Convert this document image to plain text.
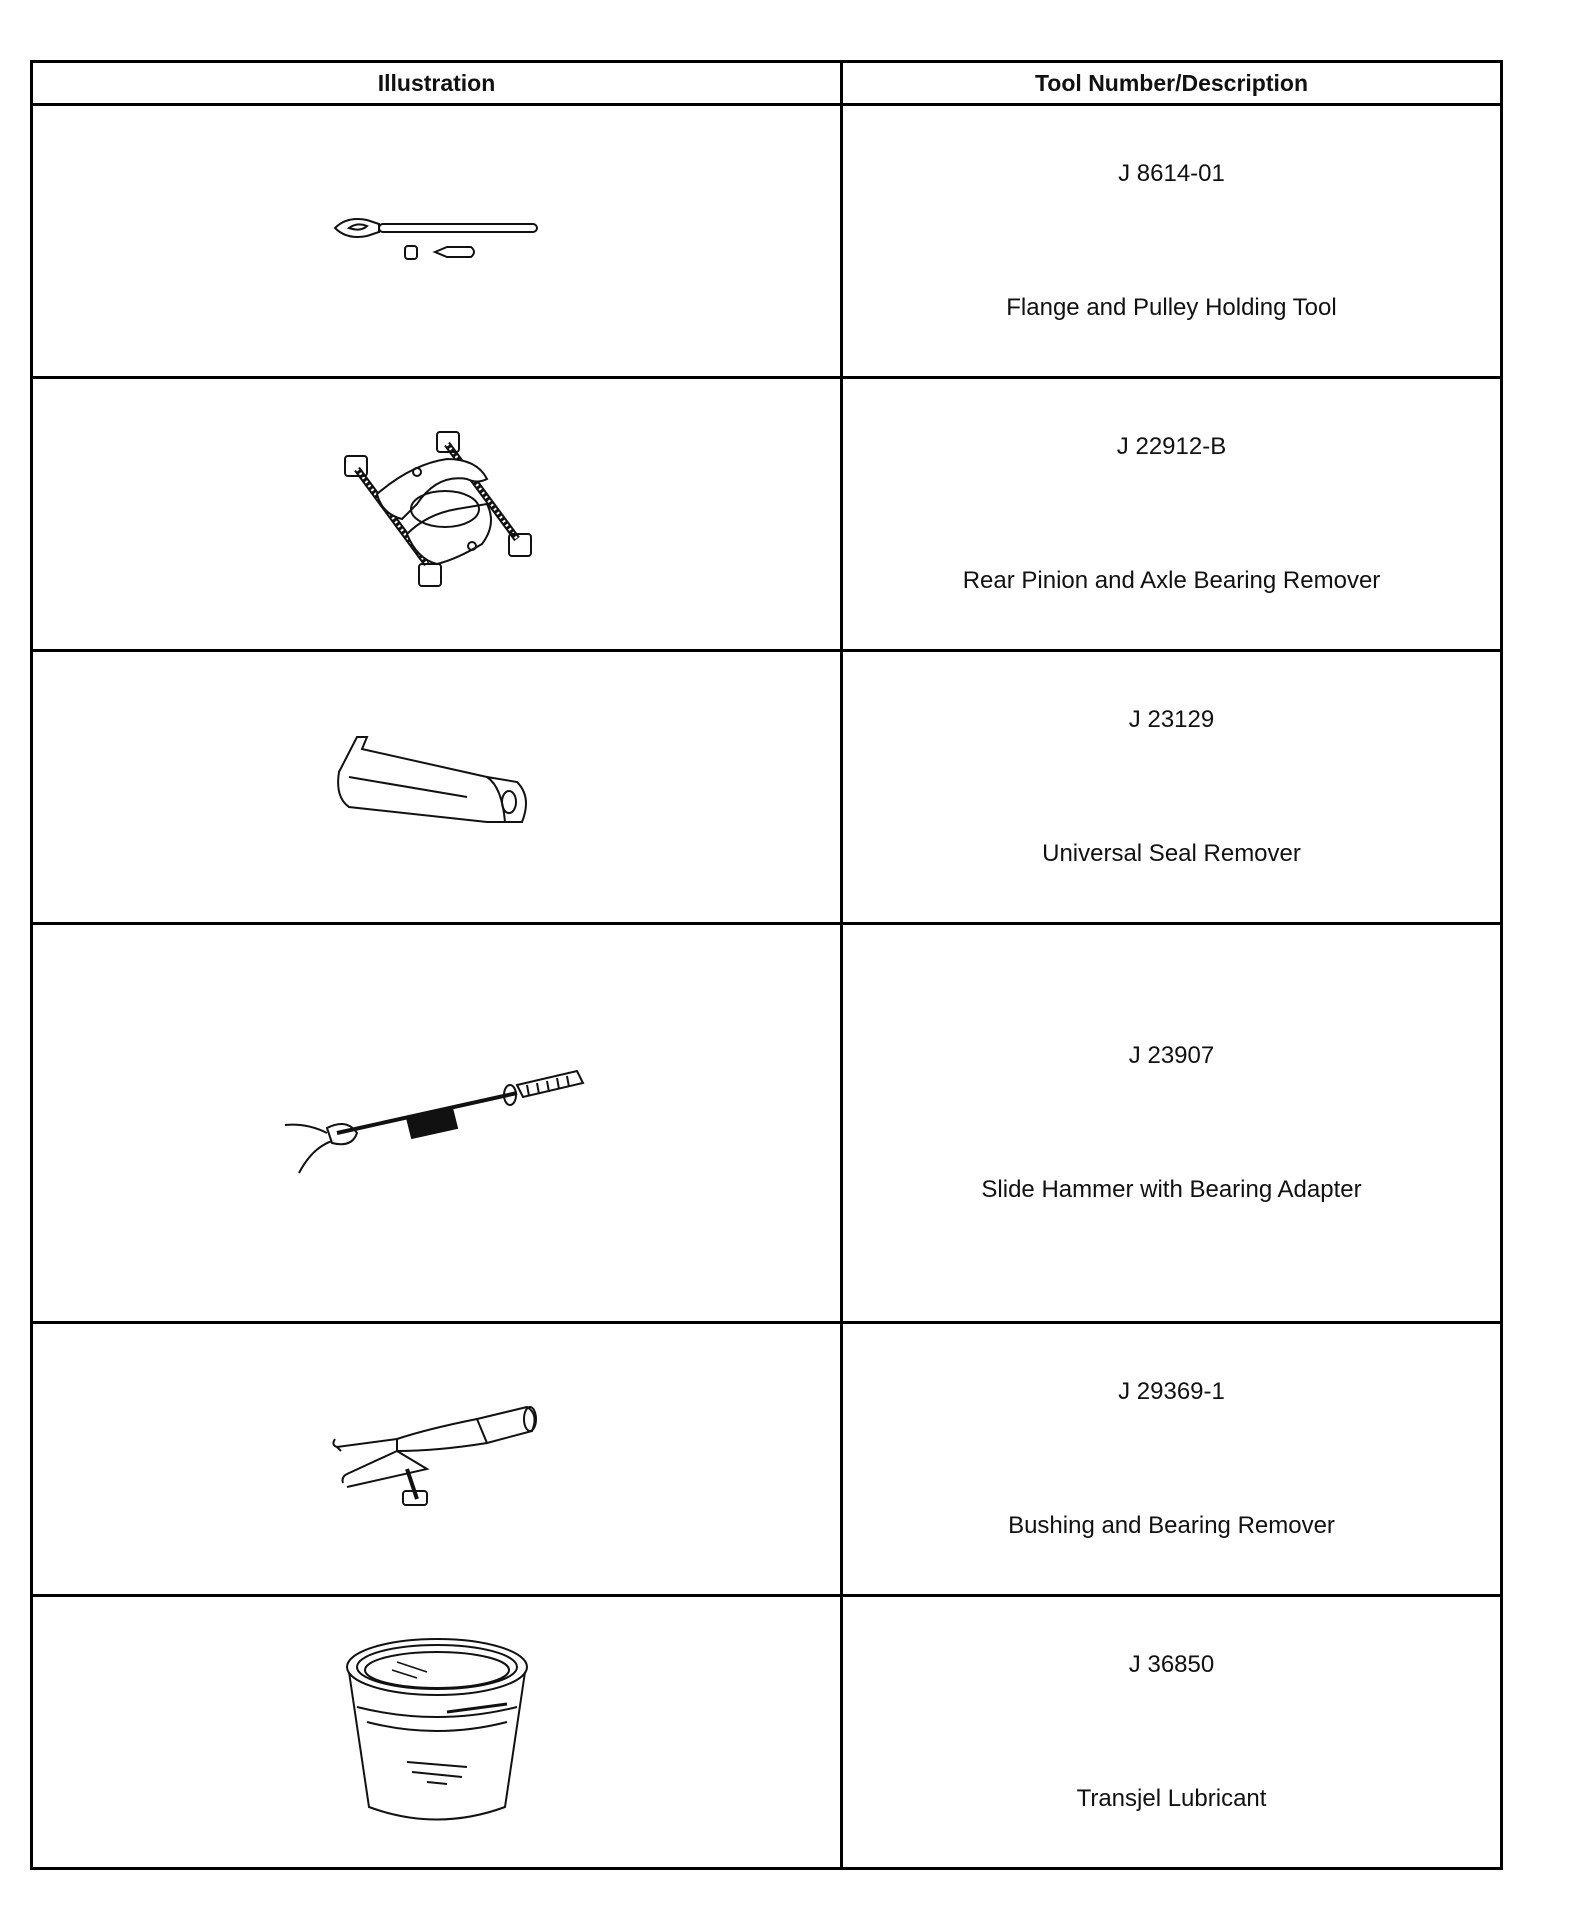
Illustration	Tool Number/Description

J 8614-01
Flange and Pulley Holding Tool

J 22912-B
Rear Pinion and Axle Bearing Remover

J 23129
Universal Seal Remover

J 23907
Slide Hammer with Bearing Adapter

J 29369-1
Bushing and Bearing Remover

J 36850
Transjel Lubricant
